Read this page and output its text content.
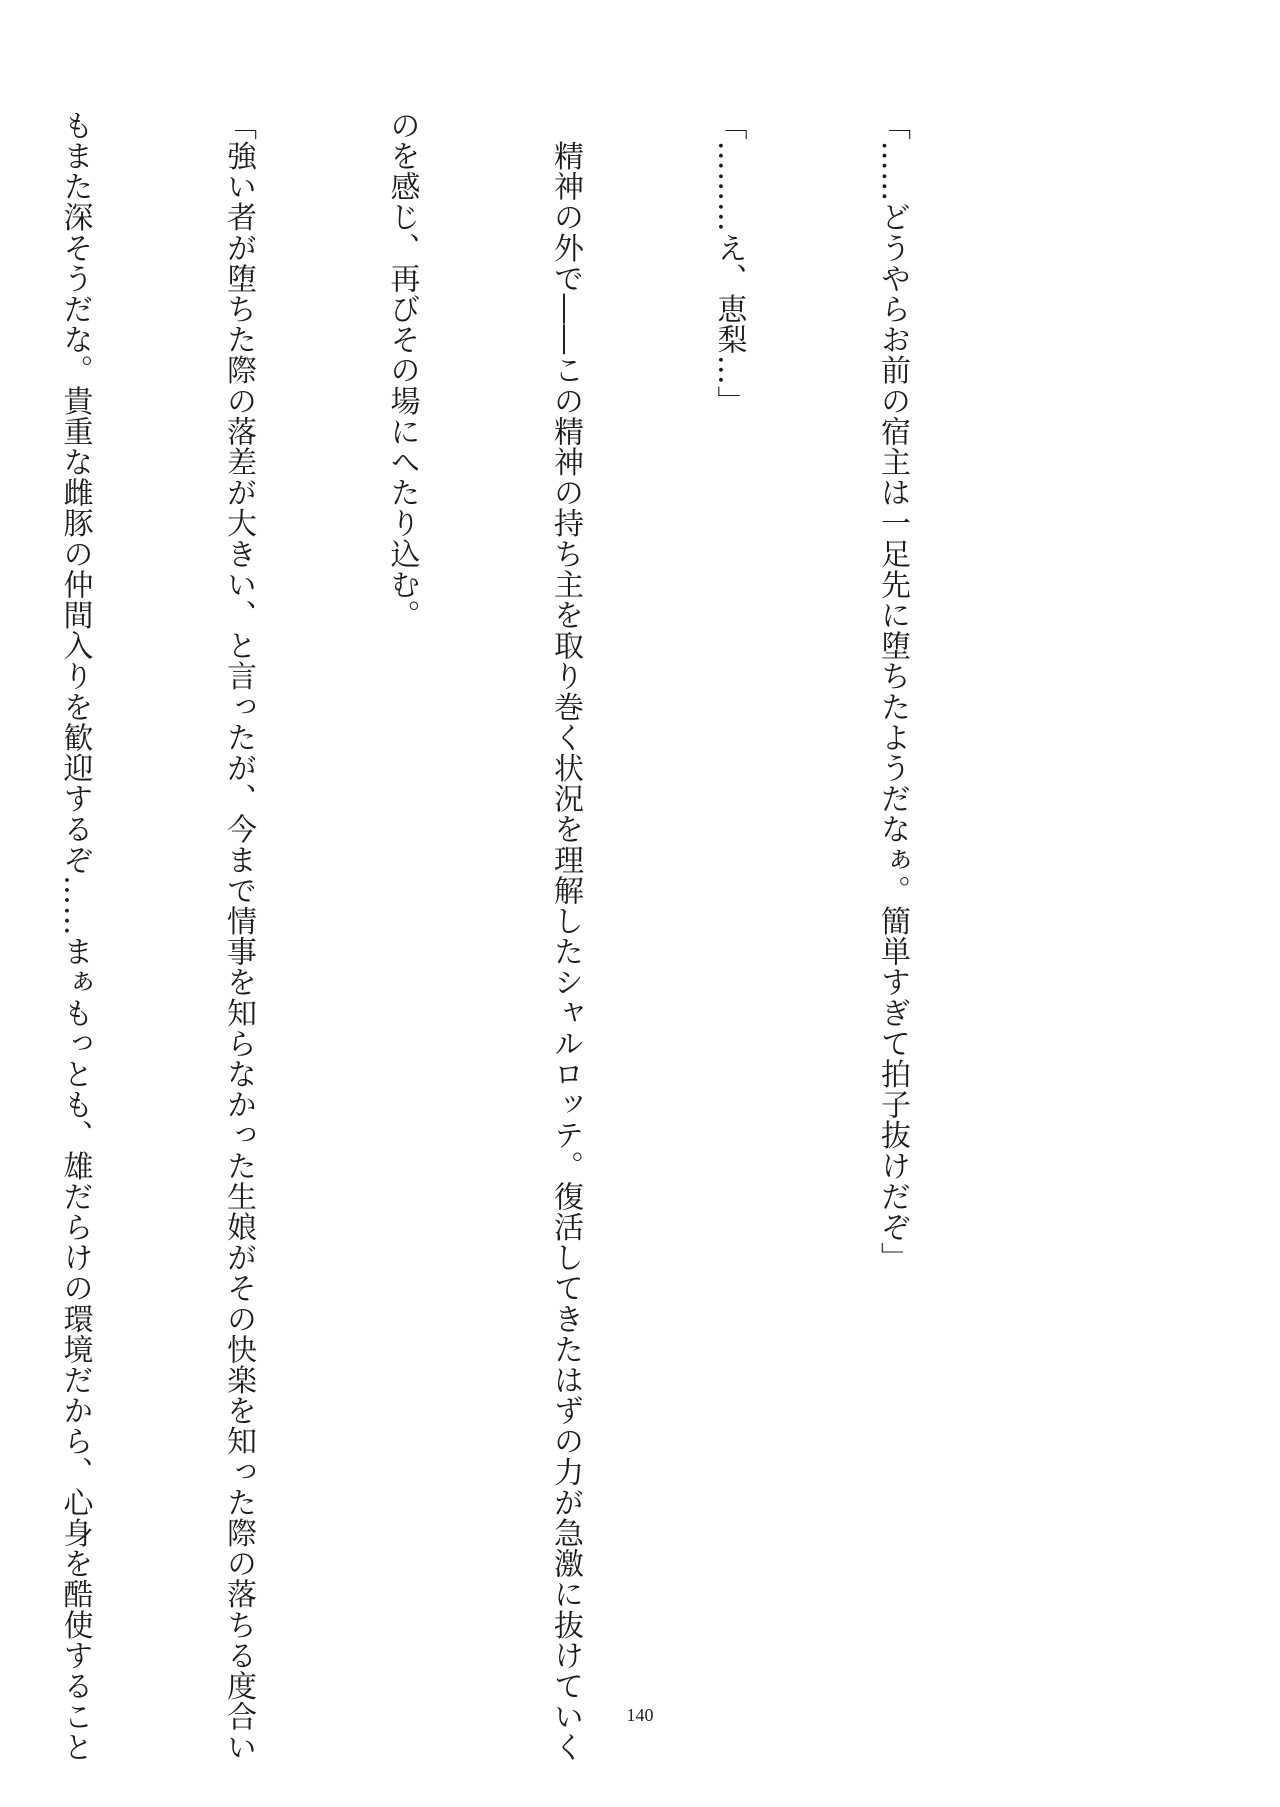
「……どうやらお前の宿主は一足先に堕ちたようだなぁ。簡単すぎて拍子抜けだぞ」

「………え、恵梨…」

　精神の外で――この精神の持ち主を取り巻く状況を理解したシャルロッテ。復活してきたはずの力が急激に抜けていく

のを感じ、再びその場にへたり込む。

「強い者が堕ちた際の落差が大きい、と言ったが、今まで情事を知らなかった生娘がその快楽を知った際の落ちる度合い

もまた深そうだな。貴重な雌豚の仲間入りを歓迎するぞ……まぁもっとも、雄だらけの環境だから、心身を酷使すること

	140
